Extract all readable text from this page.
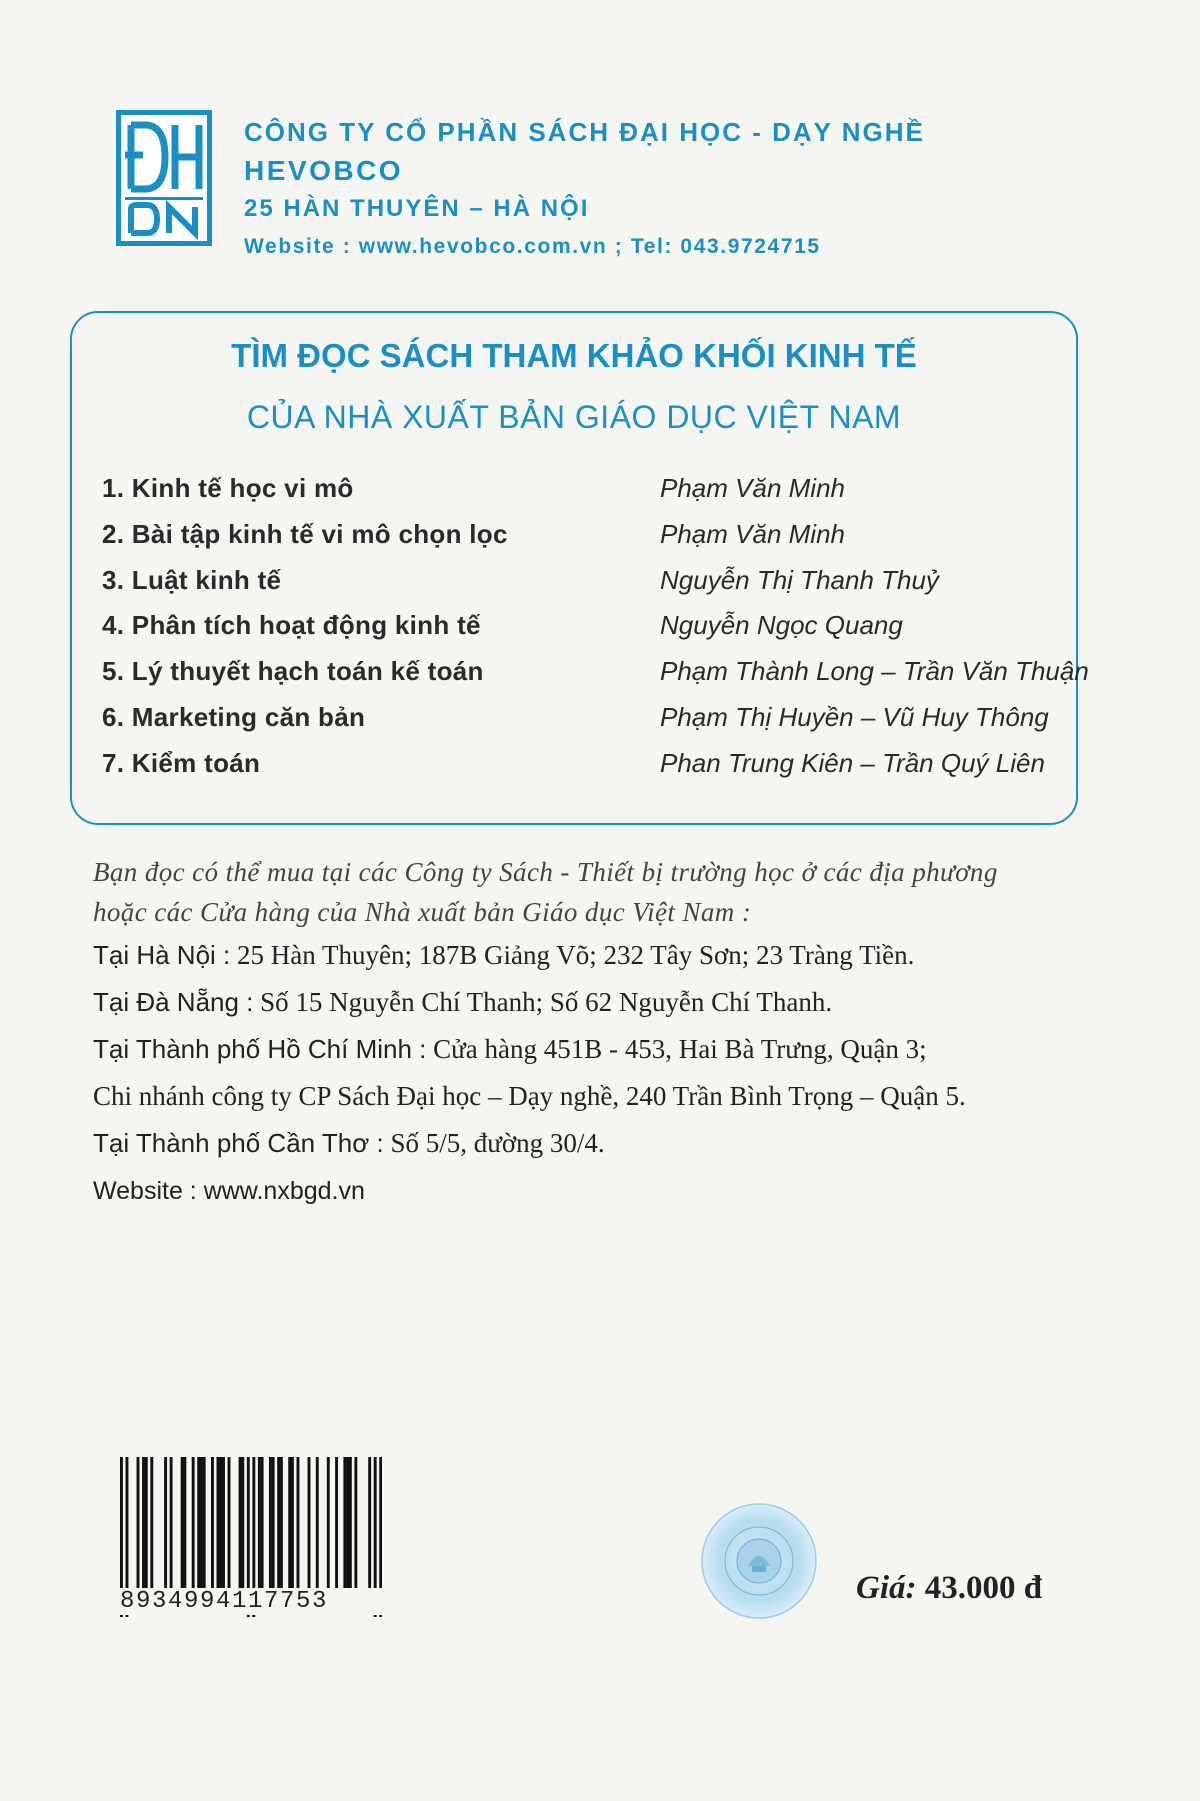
CÔNG TY CỔ PHẦN SÁCH ĐẠI HỌC - DẠY NGHỀ
HEVOBCO
25 HÀN THUYÊN – HÀ NỘI
Website : www.hevobco.com.vn ; Tel: 043.9724715
TÌM ĐỌC SÁCH THAM KHẢO KHỐI KINH TẾ
CỦA NHÀ XUẤT BẢN GIÁO DỤC VIỆT NAM
1. Kinh tế học vi mô	Phạm Văn Minh
2. Bài tập kinh tế vi mô chọn lọc	Phạm Văn Minh
3. Luật kinh tế	Nguyễn Thị Thanh Thuỷ
4. Phân tích hoạt động kinh tế	Nguyễn Ngọc Quang
5. Lý thuyết hạch toán kế toán	Phạm Thành Long – Trần Văn Thuận
6. Marketing căn bản	Phạm Thị Huyền – Vũ Huy Thông
7. Kiểm toán	Phan Trung Kiên – Trần Quý Liên
Bạn đọc có thể mua tại các Công ty Sách - Thiết bị trường học ở các địa phương
hoặc các Cửa hàng của Nhà xuất bản Giáo dục Việt Nam :
Tại Hà Nội : 25 Hàn Thuyên; 187B Giảng Võ; 232 Tây Sơn; 23 Tràng Tiền.
Tại Đà Nẵng : Số 15 Nguyễn Chí Thanh; Số 62 Nguyễn Chí Thanh.
Tại Thành phố Hồ Chí Minh : Cửa hàng 451B - 453, Hai Bà Trưng, Quận 3;
Chi nhánh công ty CP Sách Đại học – Dạy nghề, 240 Trần Bình Trọng – Quận 5.
Tại Thành phố Cần Thơ : Số 5/5, đường 30/4.
Website : www.nxbgd.vn
8934994117753	Giá: 43.000 đ
